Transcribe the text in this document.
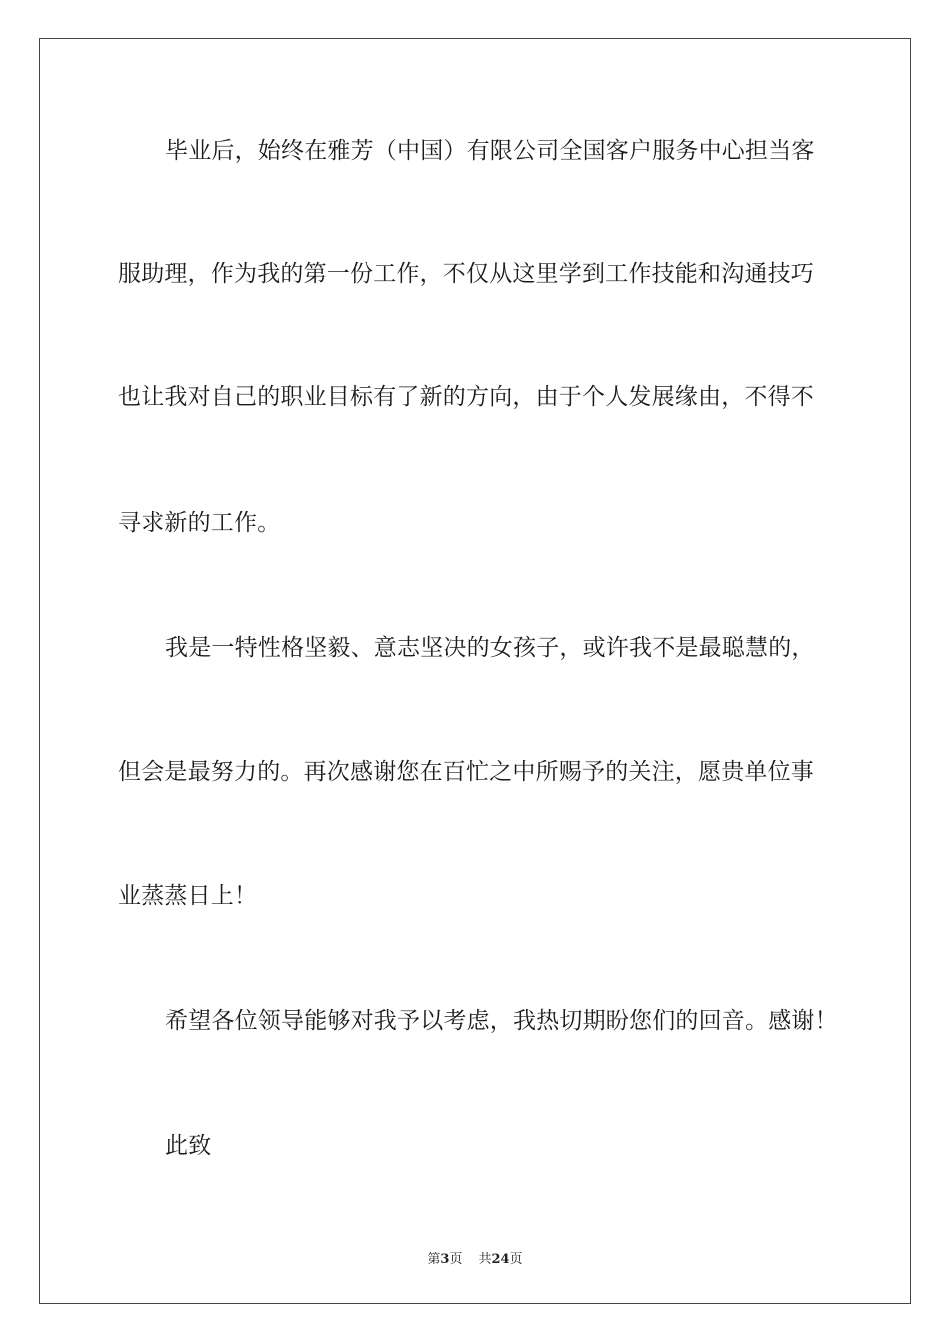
毕业后，始终在雅芳（中国）有限公司全国客户服务中心担当客
服助理，作为我的第一份工作，不仅从这里学到工作技能和沟通技巧
也让我对自己的职业目标有了新的方向，由于个人发展缘由，不得不
寻求新的工作。
我是一特性格坚毅、意志坚决的女孩子，或许我不是最聪慧的，
但会是最努力的。再次感谢您在百忙之中所赐予的关注，愿贵单位事
业蒸蒸日上！
希望各位领导能够对我予以考虑，我热切期盼您们的回音。感谢！
此致
第3页 共24页
